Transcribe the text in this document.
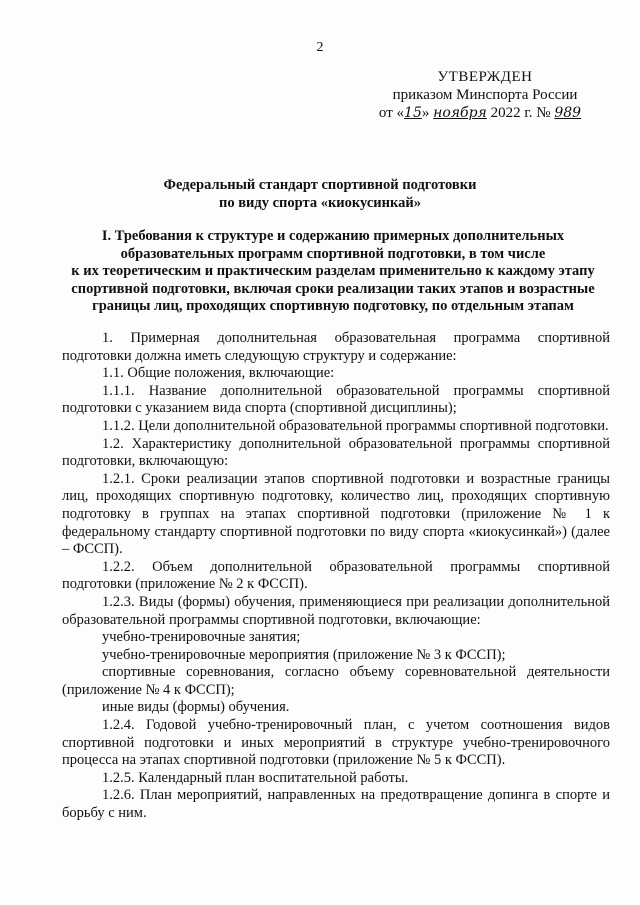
2
УТВЕРЖДЕН
приказом Минспорта России
от «15» ноября 2022 г. № 989
Федеральный стандарт спортивной подготовки
по виду спорта «киокусинкай»
I. Требования к структуре и содержанию примерных дополнительных
образовательных программ спортивной подготовки, в том числе
к их теоретическим и практическим разделам применительно к каждому этапу
спортивной подготовки, включая сроки реализации таких этапов и возрастные
границы лиц, проходящих спортивную подготовку, по отдельным этапам

1. Примерная дополнительная образовательная программа спортивной подготовки должна иметь следующую структуру и содержание:

1.1. Общие положения, включающие:

1.1.1. Название дополнительной образовательной программы спортивной подготовки с указанием вида спорта (спортивной дисциплины);

1.1.2. Цели дополнительной образовательной программы спортивной подготовки.

1.2. Характеристику дополнительной образовательной программы спортивной подготовки, включающую:

1.2.1. Сроки реализации этапов спортивной подготовки и возрастные границы лиц, проходящих спортивную подготовку, количество лиц, проходящих спортивную подготовку в группах на этапах спортивной подготовки (приложение № 1 к федеральному стандарту спортивной подготовки по виду спорта «киокусинкай») (далее – ФССП).

1.2.2. Объем дополнительной образовательной программы спортивной подготовки (приложение № 2 к ФССП).

1.2.3. Виды (формы) обучения, применяющиеся при реализации дополнительной образовательной программы спортивной подготовки, включающие:

учебно-тренировочные занятия;

учебно-тренировочные мероприятия (приложение № 3 к ФССП);

спортивные соревнования, согласно объему соревновательной деятельности (приложение № 4 к ФССП);

иные виды (формы) обучения.

1.2.4. Годовой учебно-тренировочный план, с учетом соотношения видов спортивной подготовки и иных мероприятий в структуре учебно-тренировочного процесса на этапах спортивной подготовки (приложение № 5 к ФССП).

1.2.5. Календарный план воспитательной работы.

1.2.6. План мероприятий, направленных на предотвращение допинга в спорте и борьбу с ним.
